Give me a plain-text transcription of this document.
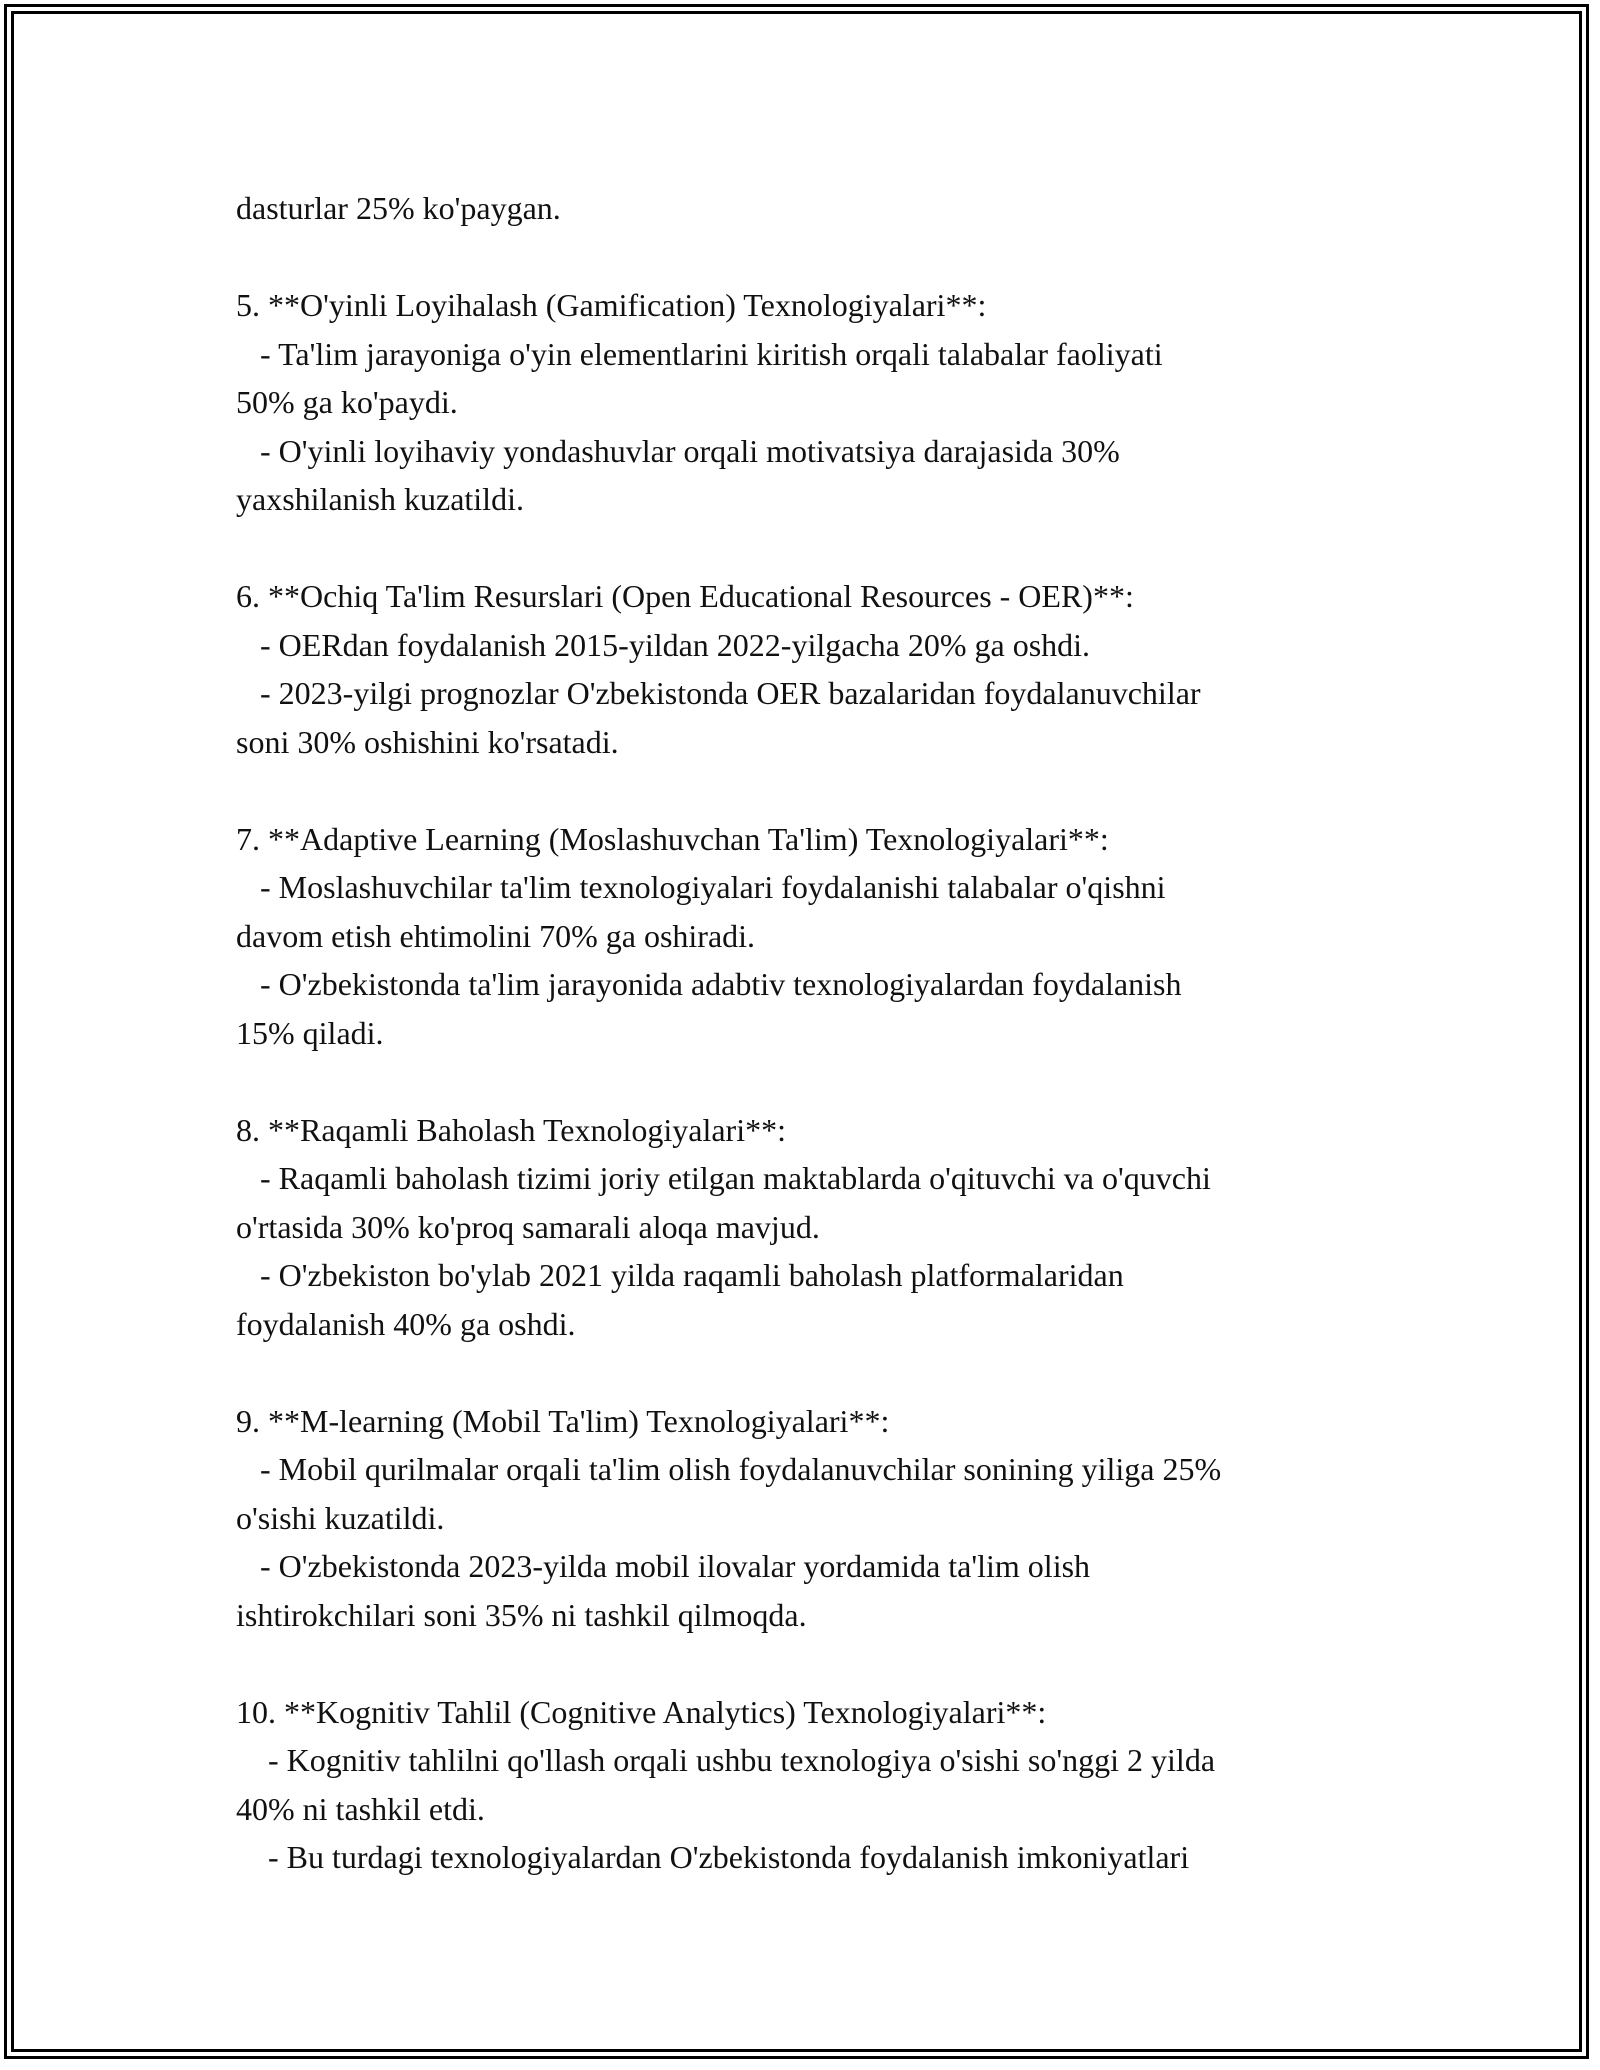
dasturlar 25% ko'paygan.

5. **O'yinli Loyihalash (Gamification) Texnologiyalari**:

- Ta'lim jarayoniga o'yin elementlarini kiritish orqali talabalar faoliyati

50% ga ko'paydi.

- O'yinli loyihaviy yondashuvlar orqali motivatsiya darajasida 30%

yaxshilanish kuzatildi.

6. **Ochiq Ta'lim Resurslari (Open Educational Resources - OER)**:

- OERdan foydalanish 2015-yildan 2022-yilgacha 20% ga oshdi.

- 2023-yilgi prognozlar O'zbekistonda OER bazalaridan foydalanuvchilar

soni 30% oshishini ko'rsatadi.

7. **Adaptive Learning (Moslashuvchan Ta'lim) Texnologiyalari**:

- Moslashuvchilar ta'lim texnologiyalari foydalanishi talabalar o'qishni

davom etish ehtimolini 70% ga oshiradi.

- O'zbekistonda ta'lim jarayonida adabtiv texnologiyalardan foydalanish

15% qiladi.

8. **Raqamli Baholash Texnologiyalari**:

- Raqamli baholash tizimi joriy etilgan maktablarda o'qituvchi va o'quvchi

o'rtasida 30% ko'proq samarali aloqa mavjud.

- O'zbekiston bo'ylab 2021 yilda raqamli baholash platformalaridan

foydalanish 40% ga oshdi.

9. **M-learning (Mobil Ta'lim) Texnologiyalari**:

- Mobil qurilmalar orqali ta'lim olish foydalanuvchilar sonining yiliga 25%

o'sishi kuzatildi.

- O'zbekistonda 2023-yilda mobil ilovalar yordamida ta'lim olish

ishtirokchilari soni 35% ni tashkil qilmoqda.

10. **Kognitiv Tahlil (Cognitive Analytics) Texnologiyalari**:

- Kognitiv tahlilni qo'llash orqali ushbu texnologiya o'sishi so'nggi 2 yilda

40% ni tashkil etdi.

- Bu turdagi texnologiyalardan O'zbekistonda foydalanish imkoniyatlari
